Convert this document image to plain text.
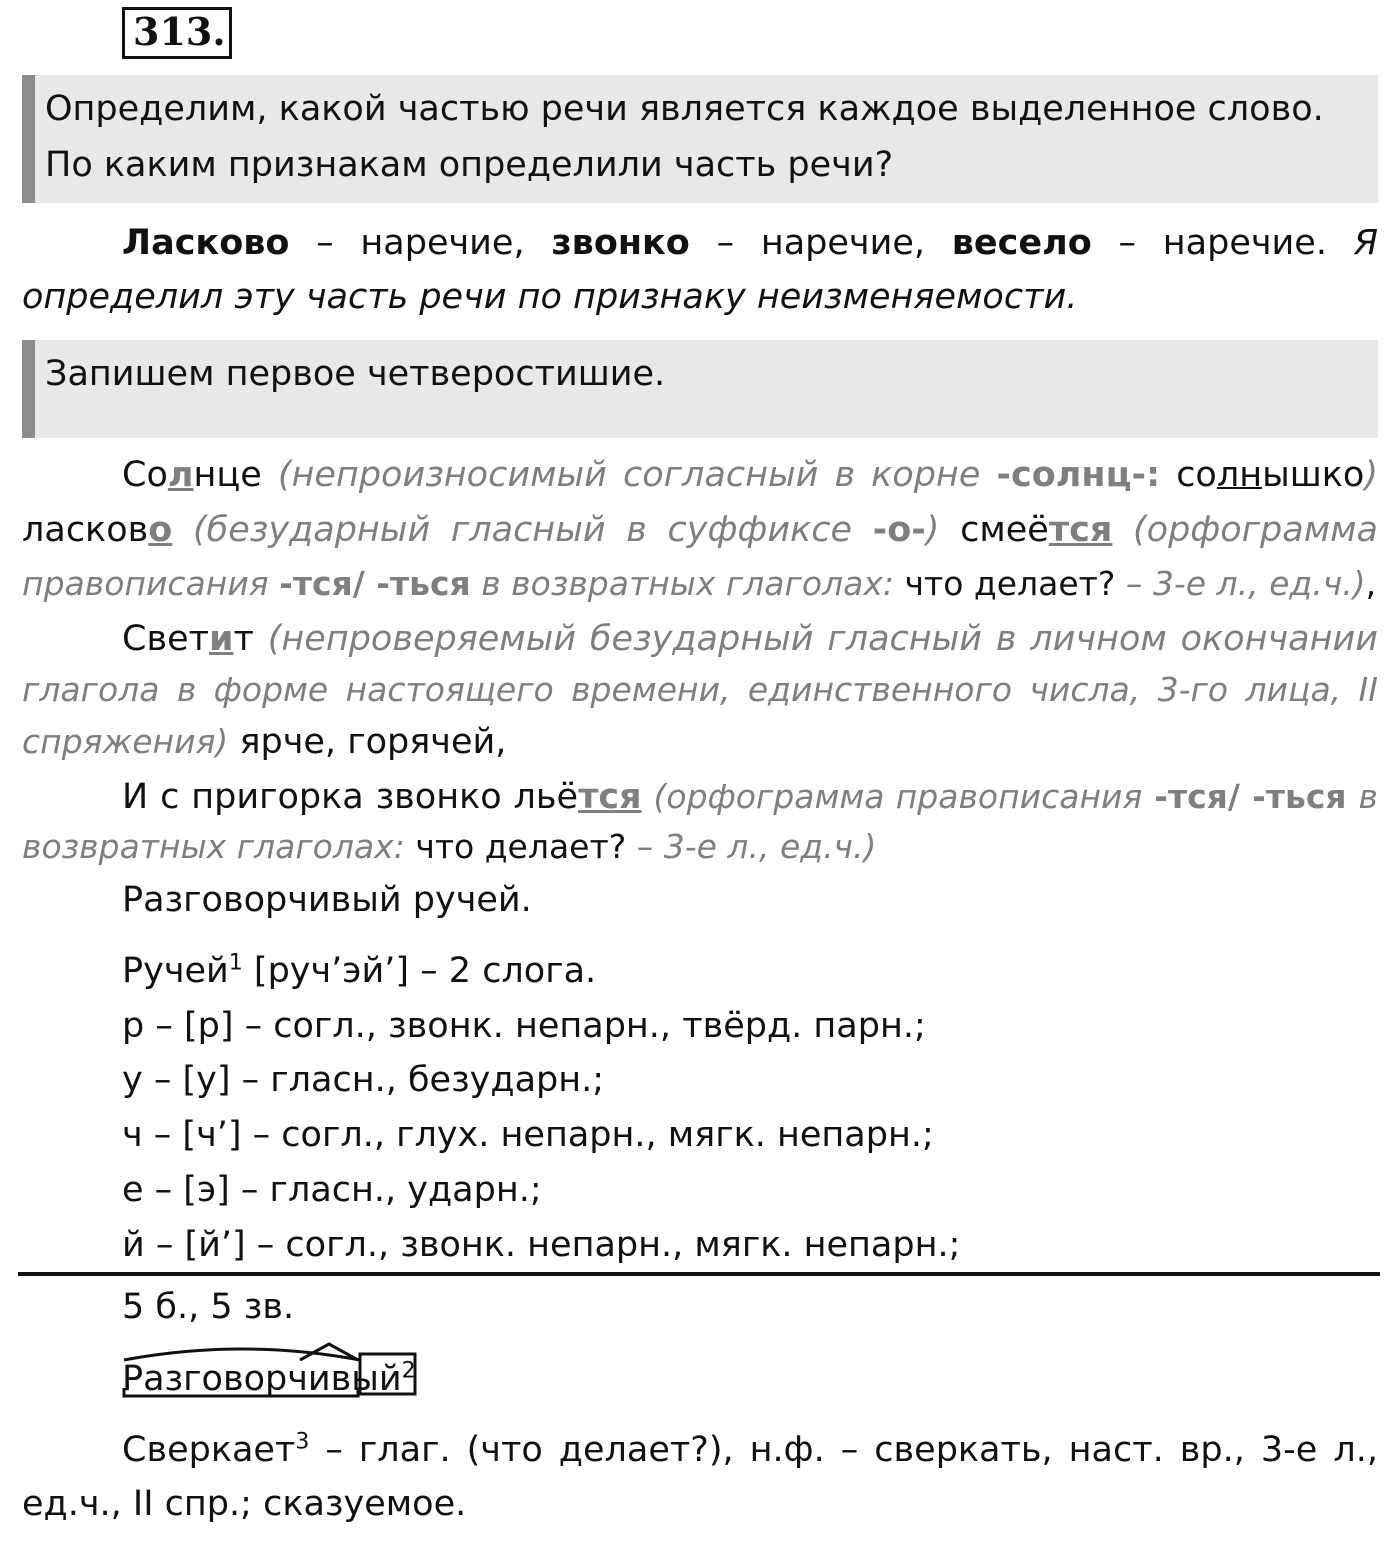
313.
Определим, какой частью речи является каждое выделенное слово.
По каким признакам определили часть речи?
Ласково – наречие, звонко – наречие, весело – наречие. Я
определил эту часть речи по признаку неизменяемости.
Запишем первое четверостишие.
Солнце (непроизносимый согласный в корне -солнц-: солнышко)
ласково (безударный гласный в суффиксе -о-) смеётся (орфограмма
правописания -тся/ -ться в возвратных глаголах: что делает? – 3-е л., ед.ч.),
Светит (непроверяемый безударный гласный в личном окончании
глагола в форме настоящего времени, единственного числа, 3-го лица, II
спряжения) ярче, горячей,
И с пригорка звонко льётся (орфограмма правописания -тся/ -ться в
возвратных глаголах: что делает? – 3-е л., ед.ч.)
Разговорчивый ручей.
Ручей$^1$ [руч’эй’] – 2 слога.
р – [р] – согл., звонк. непарн., твёрд. парн.;
у – [у] – гласн., безударн.;
ч – [ч’] – согл., глух. непарн., мягк. непарн.;
е – [э] – гласн., ударн.;
й – [й’] – согл., звонк. непарн., мягк. непарн.;
5 б., 5 зв.
Разговорчивый$^2$
Сверкает$^3$ – глаг. (что делает?), н.ф. – сверкать, наст. вр., 3-е л.,
ед.ч., II спр.; сказуемое.
